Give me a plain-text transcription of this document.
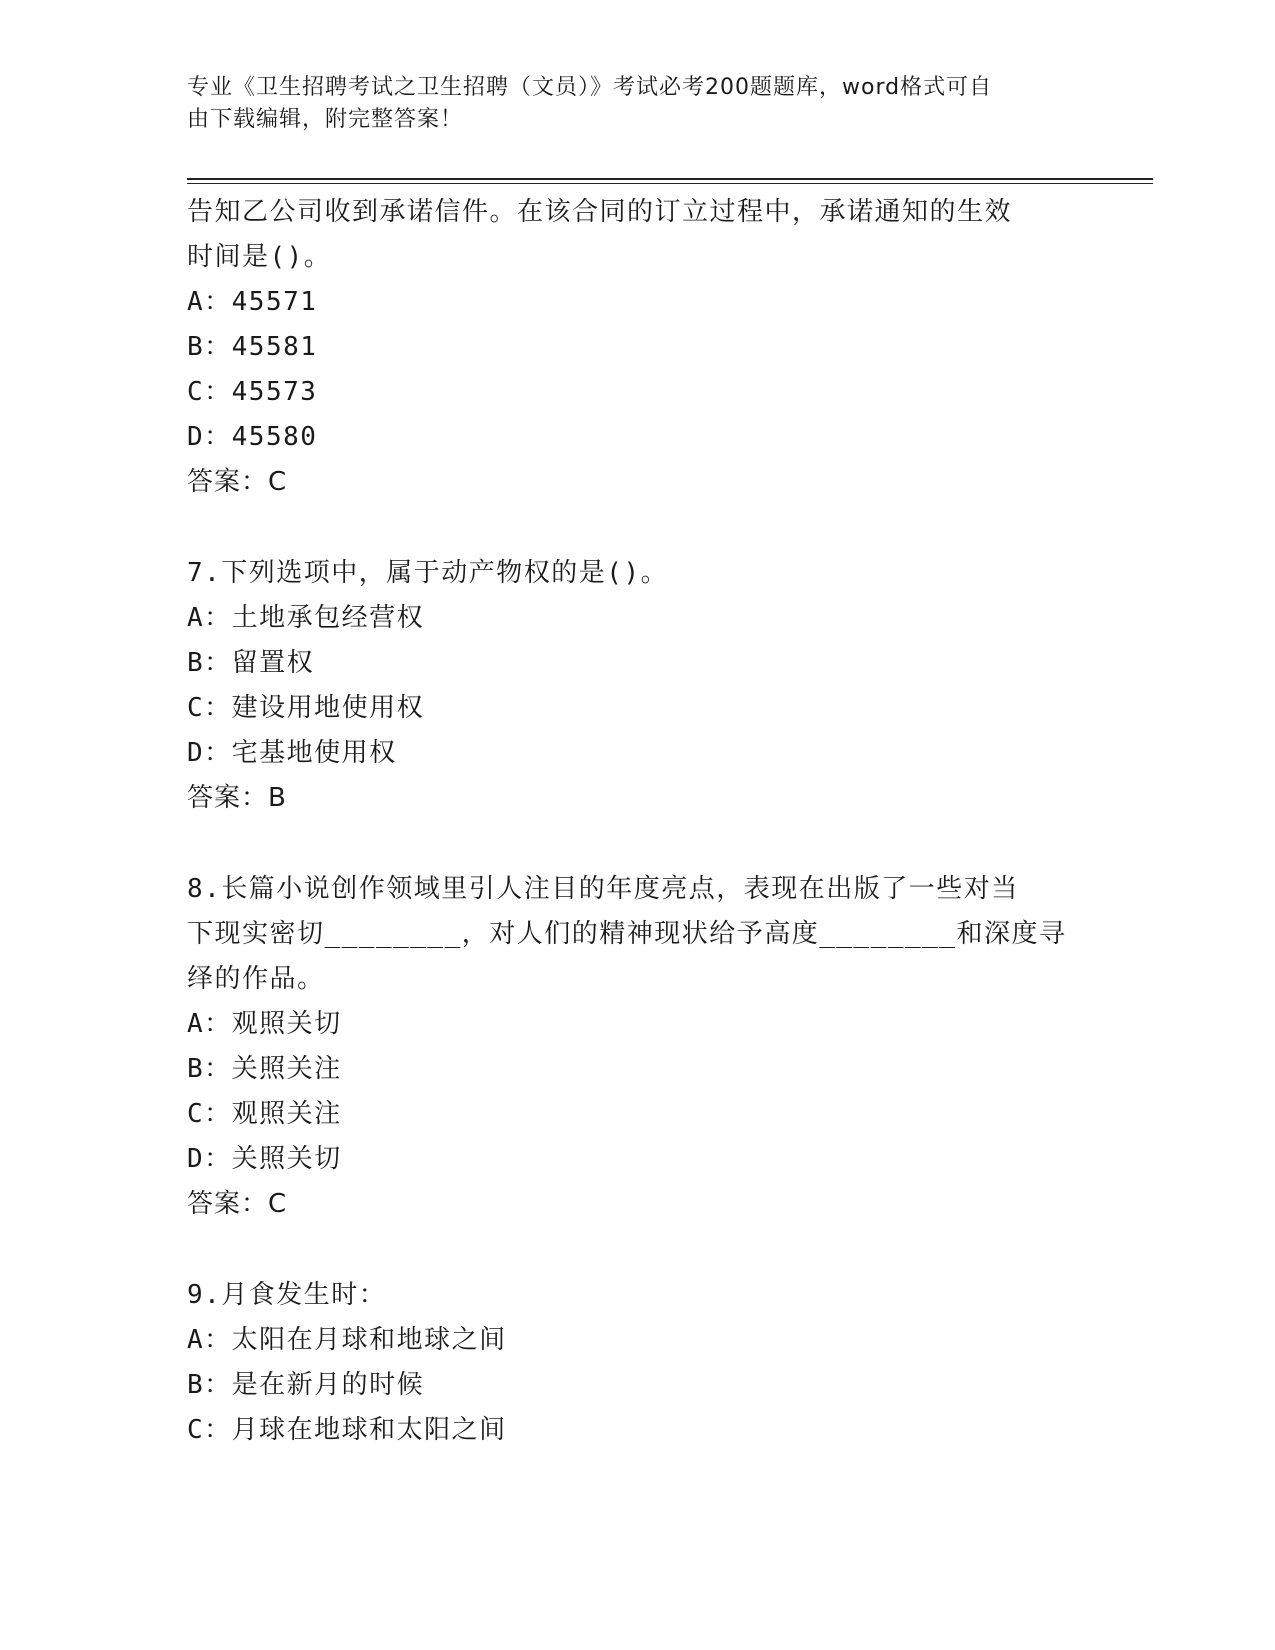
专业《卫生招聘考试之卫生招聘（文员）》考试必考200题题库，word格式可自
由下载编辑，附完整答案！
告知乙公司收到承诺信件。在该合同的订立过程中，承诺通知的生效
时间是()。
A：45571
B：45581
C：45573
D：45580
答案：C
7.下列选项中，属于动产物权的是()。
A：土地承包经营权
B：留置权
C：建设用地使用权
D：宅基地使用权
答案：B
8.长篇小说创作领域里引人注目的年度亮点，表现在出版了一些对当
下现实密切________，对人们的精神现状给予高度________和深度寻
绎的作品。
A：观照关切
B：关照关注
C：观照关注
D：关照关切
答案：C
9.月食发生时：
A：太阳在月球和地球之间
B：是在新月的时候
C：月球在地球和太阳之间
